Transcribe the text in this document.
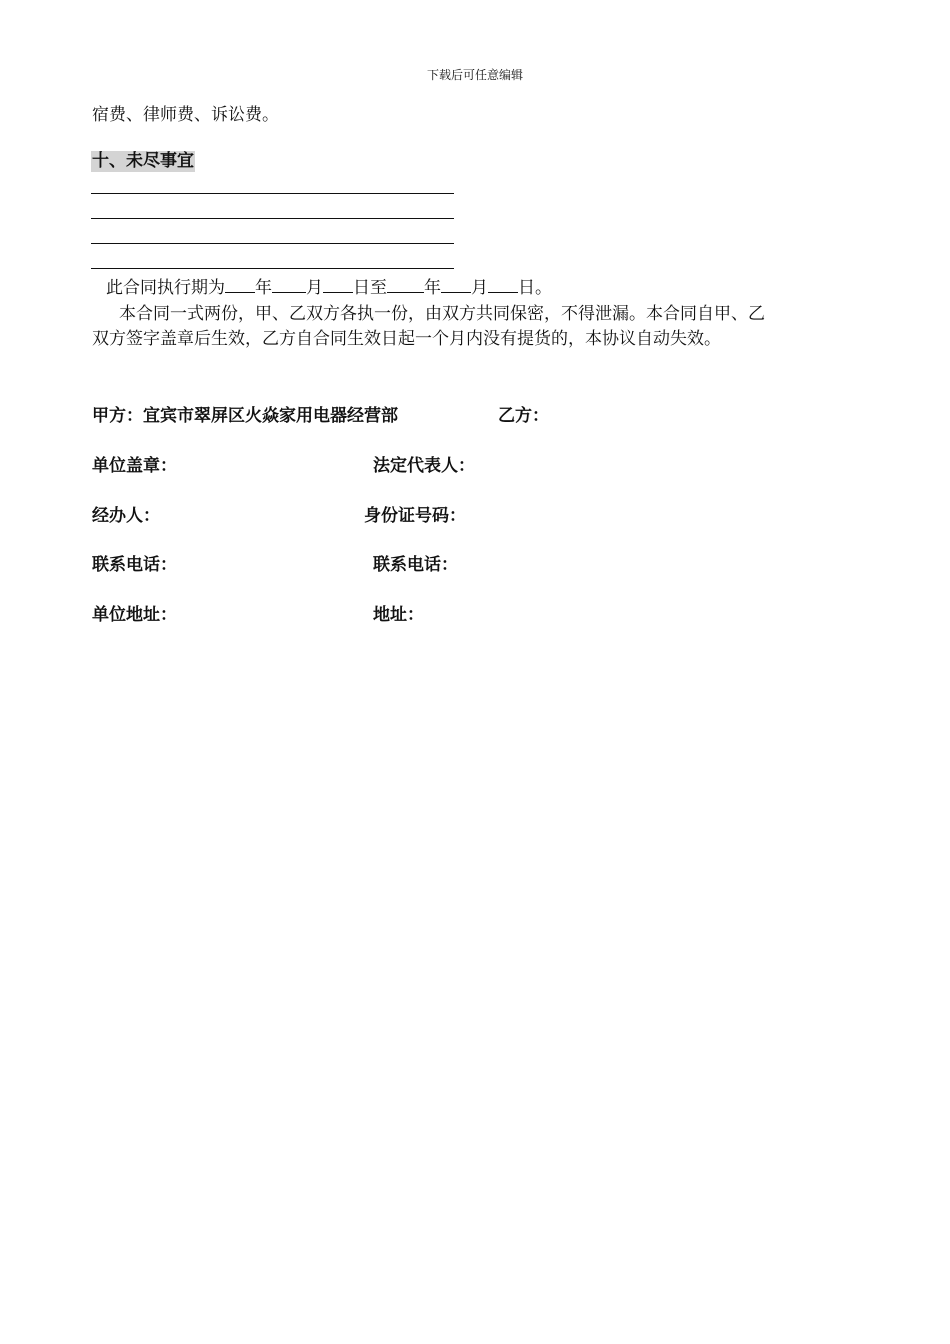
下载后可任意编辑
宿费、律师费、诉讼费。
十、未尽事宜
此合同执行期为 年 月 日至 年 月 日。
本合同一式两份，甲、乙双方各执一份，由双方共同保密，不得泄漏。本合同自甲、乙
双方签字盖章后生效，乙方自合同生效日起一个月内没有提货的，本协议自动失效。
甲方：宜宾市翠屏区火焱家用电器经营部	乙方：
单位盖章：	法定代表人：
经办人：	身份证号码：
联系电话：	联系电话：
单位地址：	地址：
